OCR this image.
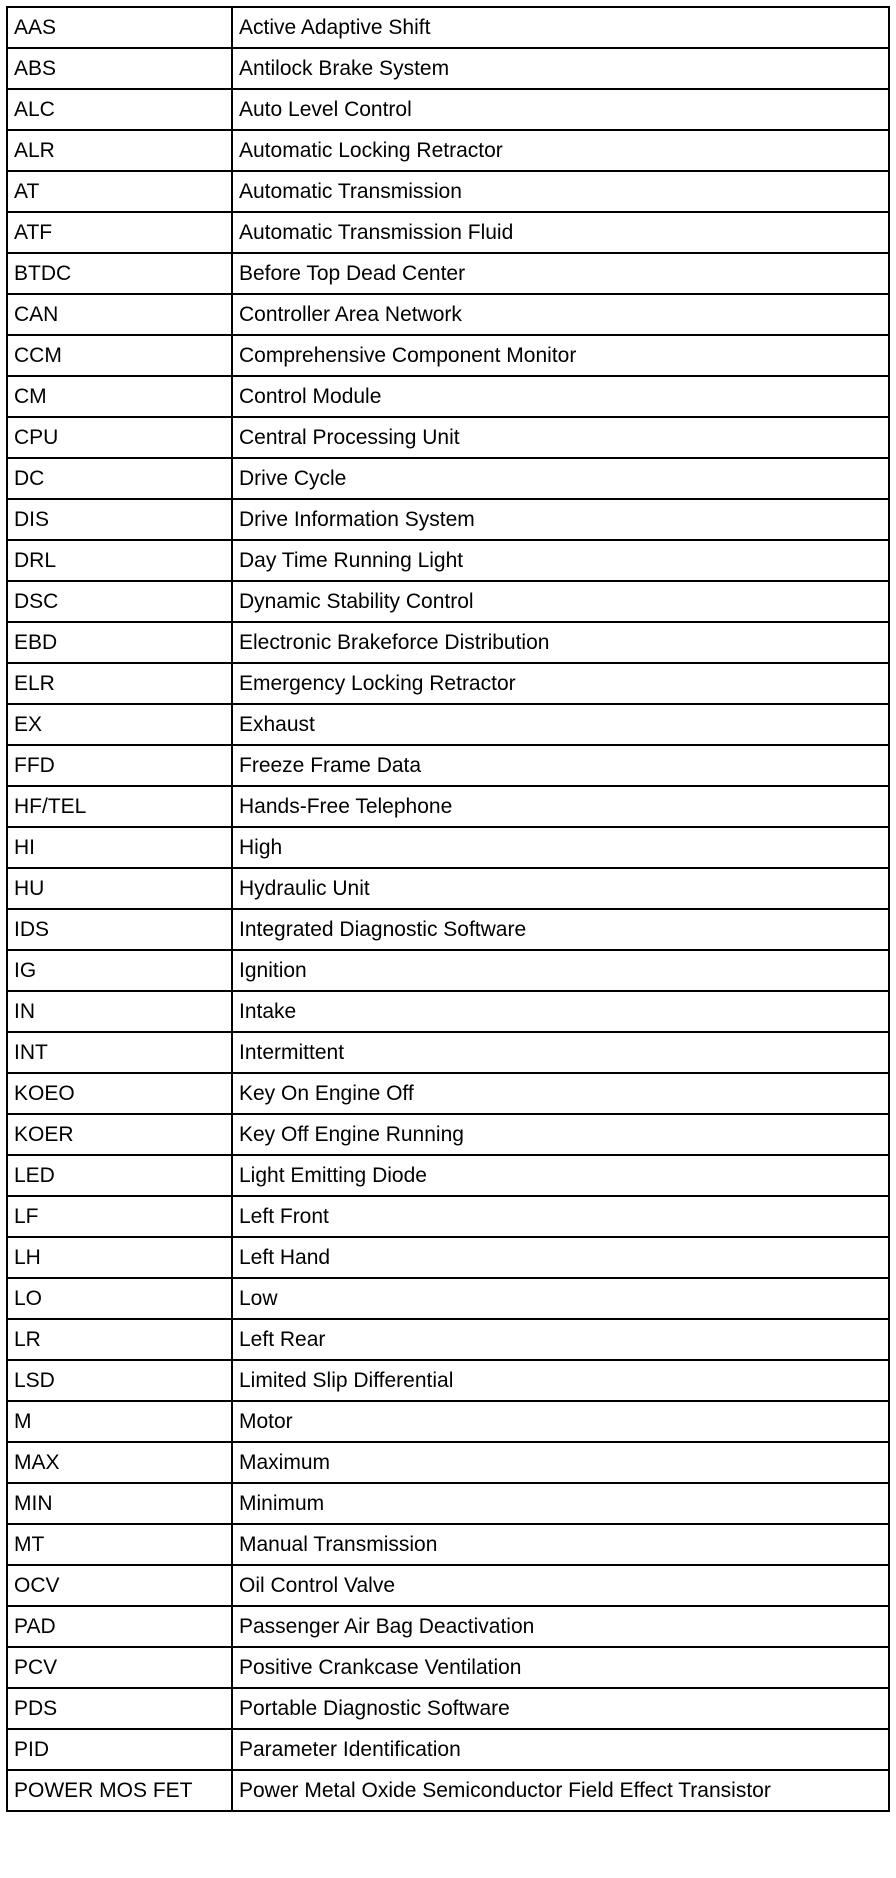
AAS	Active Adaptive Shift
ABS	Antilock Brake System
ALC	Auto Level Control
ALR	Automatic Locking Retractor
AT	Automatic Transmission
ATF	Automatic Transmission Fluid
BTDC	Before Top Dead Center
CAN	Controller Area Network
CCM	Comprehensive Component Monitor
CM	Control Module
CPU	Central Processing Unit
DC	Drive Cycle
DIS	Drive Information System
DRL	Day Time Running Light
DSC	Dynamic Stability Control
EBD	Electronic Brakeforce Distribution
ELR	Emergency Locking Retractor
EX	Exhaust
FFD	Freeze Frame Data
HF/TEL	Hands-Free Telephone
HI	High
HU	Hydraulic Unit
IDS	Integrated Diagnostic Software
IG	Ignition
IN	Intake
INT	Intermittent
KOEO	Key On Engine Off
KOER	Key Off Engine Running
LED	Light Emitting Diode
LF	Left Front
LH	Left Hand
LO	Low
LR	Left Rear
LSD	Limited Slip Differential
M	Motor
MAX	Maximum
MIN	Minimum
MT	Manual Transmission
OCV	Oil Control Valve
PAD	Passenger Air Bag Deactivation
PCV	Positive Crankcase Ventilation
PDS	Portable Diagnostic Software
PID	Parameter Identification
POWER MOS FET	Power Metal Oxide Semiconductor Field Effect Transistor
